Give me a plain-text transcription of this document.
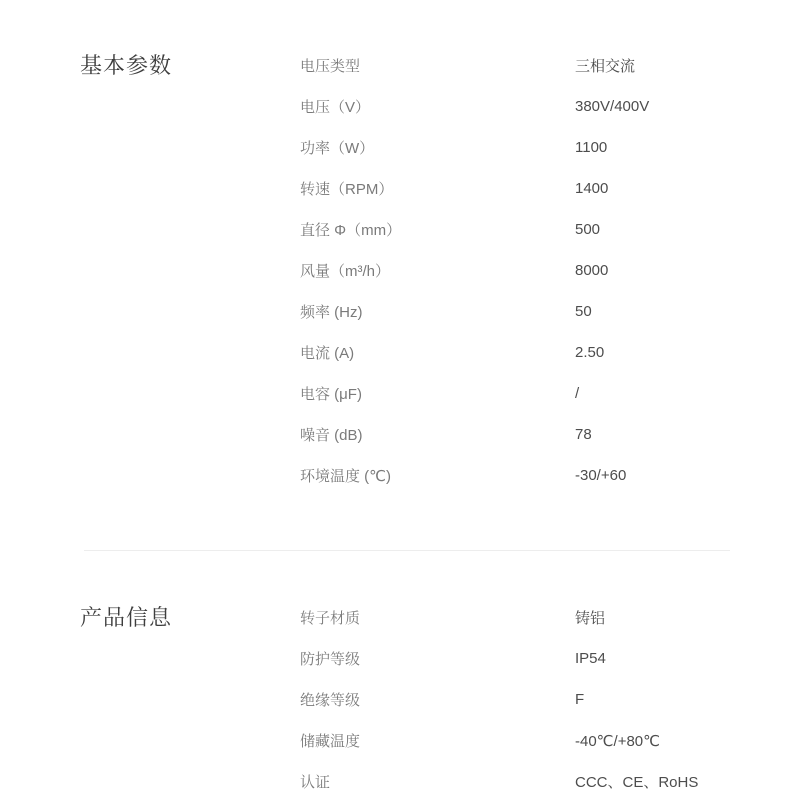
基本参数	电压类型	三相交流
电压（V）	380V/400V
功率（W）	1100
转速（RPM）	1400
直径 Φ（mm）	500
风量（m³/h）	8000
频率 (Hz)	50
电流 (A)	2.50
电容 (μF)	/
噪音 (dB)	78
环境温度 (℃)	-30/+60
产品信息	转子材质	铸铝
防护等级	IP54
绝缘等级	F
储藏温度	-40℃/+80℃
认证	CCC、CE、RoHS
